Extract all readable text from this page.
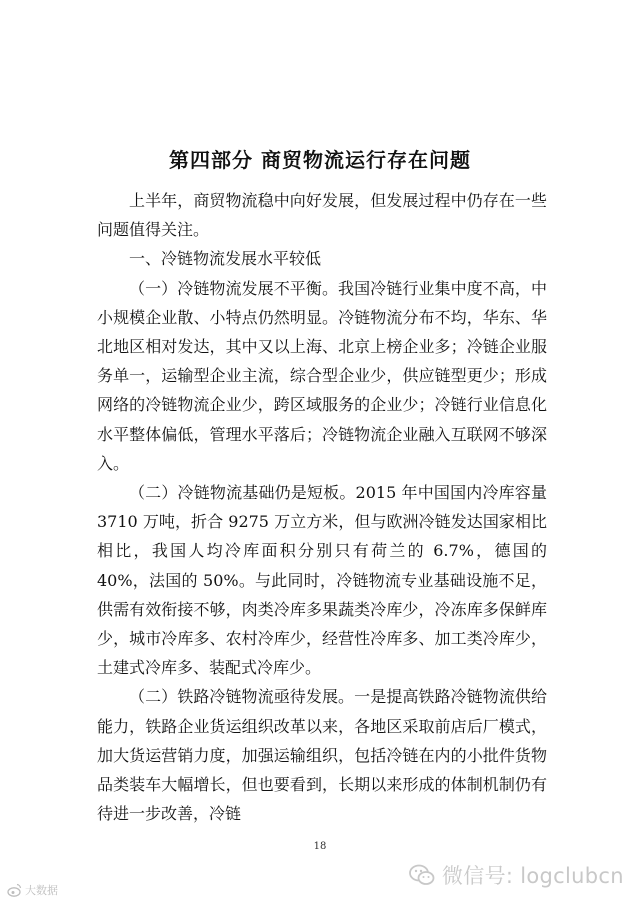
第四部分 商贸物流运行存在问题

上半年，商贸物流稳中向好发展，但发展过程中仍存在一些问题值得关注。

一、冷链物流发展水平较低

（一）冷链物流发展不平衡。我国冷链行业集中度不高，中小规模企业散、小特点仍然明显。冷链物流分布不均，华东、华北地区相对发达，其中又以上海、北京上榜企业多；冷链企业服务单一，运输型企业主流，综合型企业少，供应链型更少；形成网络的冷链物流企业少，跨区域服务的企业少；冷链行业信息化水平整体偏低，管理水平落后；冷链物流企业融入互联网不够深入。

（二）冷链物流基础仍是短板。2015 年中国国内冷库容量 3710 万吨，折合 9275 万立方米，但与欧洲冷链发达国家相比相比，我国人均冷库面积分别只有荷兰的 6.7%，德国的 40%，法国的 50%。与此同时，冷链物流专业基础设施不足，供需有效衔接不够，肉类冷库多果蔬类冷库少，冷冻库多保鲜库少，城市冷库多、农村冷库少，经营性冷库多、加工类冷库少，土建式冷库多、装配式冷库少。

（二）铁路冷链物流亟待发展。一是提高铁路冷链物流供给能力，铁路企业货运组织改革以来，各地区采取前店后厂模式，加大货运营销力度，加强运输组织，包括冷链在内的小批件货物品类装车大幅增长，但也要看到，长期以来形成的体制机制仍有待进一步改善，冷链

18
微信号: logclubcn
大数据
